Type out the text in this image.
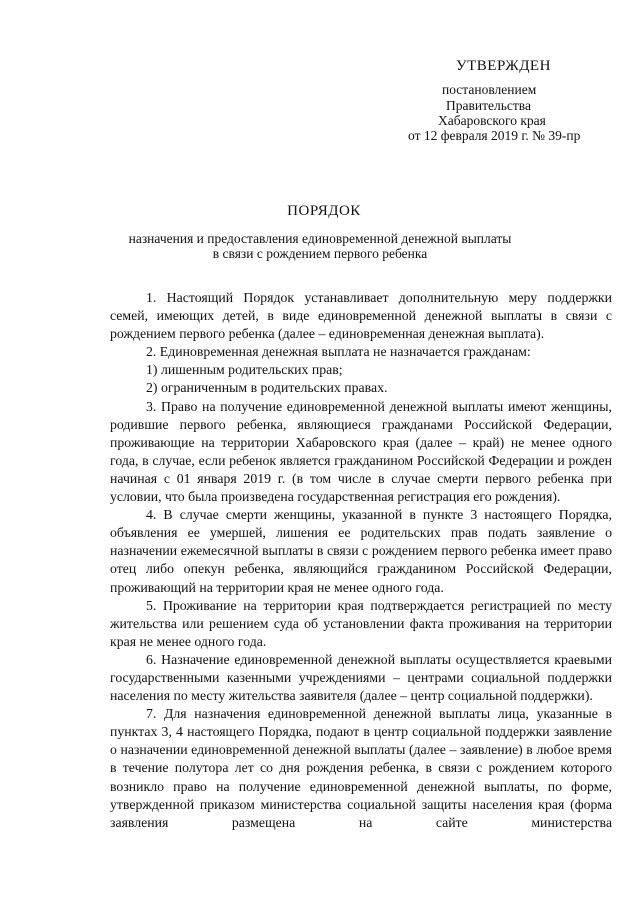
УТВЕРЖДЕН
постановлением
Правительства
Хабаровского края
от 12 февраля 2019 г. № 39-пр
ПОРЯДОК
назначения и предоставления единовременной денежной выплаты
в связи с рождением первого ребенка

1. Настоящий Порядок устанавливает дополнительную меру поддержки семей, имеющих детей, в виде единовременной денежной выплаты в связи с рождением первого ребенка (далее – единовременная денежная выплата).

2. Единовременная денежная выплата не назначается гражданам:

1) лишенным родительских прав;

2) ограниченным в родительских правах.

3. Право на получение единовременной денежной выплаты имеют женщины, родившие первого ребенка, являющиеся гражданами Российской Федерации, проживающие на территории Хабаровского края (далее – край) не менее одного года, в случае, если ребенок является гражданином Российской Федерации и рожден начиная с 01 января 2019 г. (в том числе в случае смерти первого ребенка при условии, что была произведена государственная регистрация его рождения).

4. В случае смерти женщины, указанной в пункте 3 настоящего Порядка, объявления ее умершей, лишения ее родительских прав подать заявление о назначении ежемесячной выплаты в связи с рождением первого ребенка имеет право отец либо опекун ребенка, являющийся гражданином Российской Федерации, проживающий на территории края не менее одного года.

5. Проживание на территории края подтверждается регистрацией по месту жительства или решением суда об установлении факта проживания на территории края не менее одного года.

6. Назначение единовременной денежной выплаты осуществляется краевыми государственными казенными учреждениями – центрами социальной поддержки населения по месту жительства заявителя (далее – центр социальной поддержки).

7. Для назначения единовременной денежной выплаты лица, указанные в пунктах 3, 4 настоящего Порядка, подают в центр социальной поддержки заявление о назначении единовременной денежной выплаты (далее – заявление) в любое время в течение полутора лет со дня рождения ребенка, в связи с рождением которого возникло право на получение единовременной денежной выплаты, по форме, утвержденной приказом министерства социальной защиты населения края (форма заявления размещена на сайте министерства
